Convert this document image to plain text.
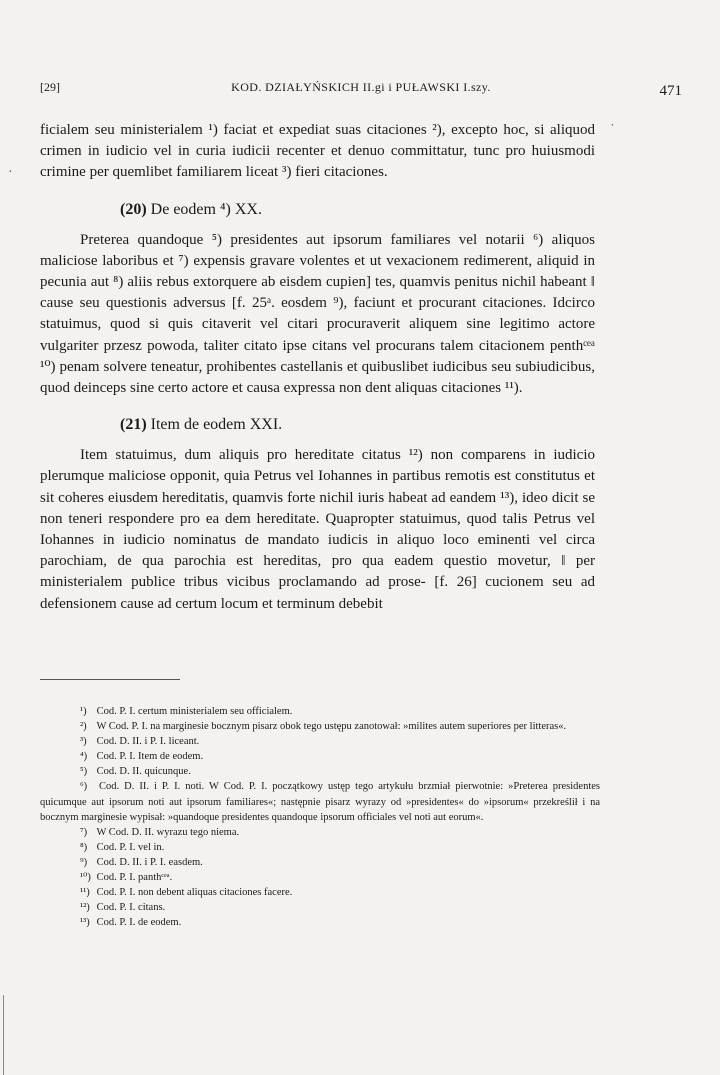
[29]	KOD. DZIAŁYŃSKICH II.gi i PUŁAWSKI I.szy.	471
˙
·

ficialem seu ministerialem ¹) faciat et expediat suas citaciones ²), excepto hoc, si aliquod crimen in iudicio vel in curia iudicii recenter et denuo committatur, tunc pro huiusmodi crimine per quemlibet familiarem liceat ³) fieri citaciones.

(20) De eodem ⁴) XX.

Preterea quandoque ⁵) presidentes aut ipsorum familiares vel notarii ⁶) aliquos maliciose laboribus et ⁷) expensis gravare volentes et ut vexacionem redimerent, aliquid in pecunia aut ⁸) aliis rebus extorquere ab eisdem cupien] tes, quamvis penitus nichil habeant ‖ cause seu questionis adversus [f. 25ᵃ. eosdem ⁹), faciunt et procurant citaciones. Idcirco statuimus, quod si quis citaverit vel citari procuraverit aliquem sine legitimo actore vulgariter przesz powoda, taliter citato ipse citans vel procurans talem citacionem penthᶜᵉᵃ ¹⁰) penam solvere teneatur, prohibentes castellanis et quibuslibet iudicibus seu subiudicibus, quod deinceps sine certo actore et causa expressa non dent aliquas citaciones ¹¹).

(21) Item de eodem XXI.

Item statuimus, dum aliquis pro hereditate citatus ¹²) non comparens in iudicio plerumque maliciose opponit, quia Petrus vel Iohannes in partibus remotis est constitutus et sit coheres eiusdem hereditatis, quamvis forte nichil iuris habeat ad eandem ¹³), ideo dicit se non teneri respondere pro ea dem hereditate. Quapropter statuimus, quod talis Petrus vel Iohannes in iudicio nominatus de mandato iudicis in aliquo loco eminenti vel circa parochiam, de qua parochia est hereditas, pro qua eadem questio movetur, ‖ per ministerialem publice tribus vicibus proclamando ad prose- [f. 26] cucionem seu ad defensionem cause ad certum locum et terminum debebit

¹) Cod. P. I. certum ministerialem seu officialem.

²) W Cod. P. I. na marginesie bocznym pisarz obok tego ustępu zanotował: »milites autem superiores per litteras«.

³) Cod. D. II. i P. I. liceant.

⁴) Cod. P. I. Item de eodem.

⁵) Cod. D. II. quicunque.

⁶) Cod. D. II. i P. I. noti. W Cod. P. I. początkowy ustęp tego artykułu brzmiał pierwotnie: »Preterea presidentes quicumque aut ipsorum noti aut ipsorum familiares«; następnie pisarz wyrazy od »presidentes« do »ipsorum« przekreślił i na bocznym marginesie wypisał: »quandoque presidentes quandoque ipsorum officiales vel noti aut eorum«.

⁷) W Cod. D. II. wyrazu tego niema.

⁸) Cod. P. I. vel in.

⁹) Cod. D. II. i P. I. easdem.

¹⁰) Cod. P. I. panthᶜᵉᵃ.

¹¹) Cod. P. I. non debent aliquas citaciones facere.

¹²) Cod. P. I. citans.

¹³) Cod. P. I. de eodem.
